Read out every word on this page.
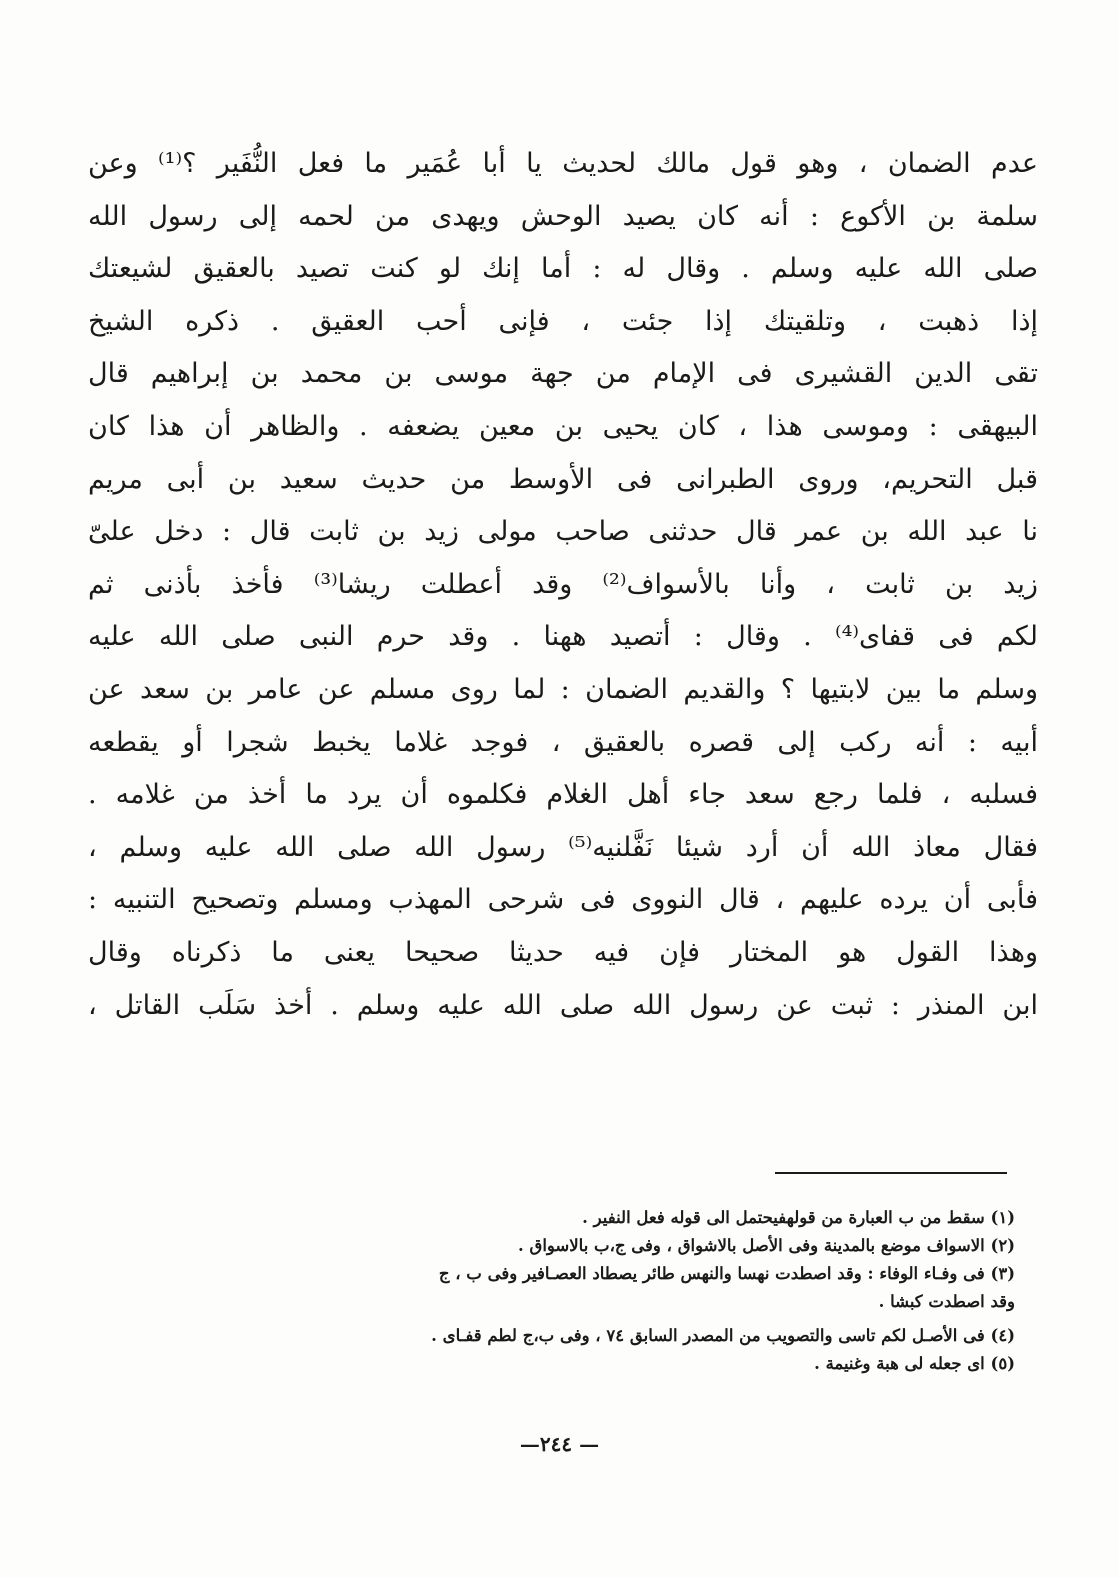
عدم الضمان ، وهو قول مالك لحديث يا أبا عُمَير ما فعل النُّفَير ؟⁽¹⁾ وعن
سلمة بن الأكوع : أنه كان يصيد الوحش ويهدى من لحمه إلى رسول الله
صلى الله عليه وسلم . وقال له : أما إنك لو كنت تصيد بالعقيق لشيعتك
إذا ذهبت ، وتلقيتك إذا جئت ، فإنى أحب العقيق . ذكره الشيخ
تقى الدين القشيرى فى الإمام من جهة موسى بن محمد بن إبراهيم قال
البيهقى : وموسى هذا ، كان يحيى بن معين يضعفه . والظاهر أن هذا كان
قبل التحريم، وروى الطبرانى فى الأوسط من حديث سعيد بن أبى مريم
نا عبد الله بن عمر قال حدثنى صاحب مولى زيد بن ثابت قال : دخل علىّ
زيد بن ثابت ، وأنا بالأسواف⁽²⁾ وقد أعطلت ريشا⁽³⁾ فأخذ بأذنى ثم
لكم فى قفاى⁽⁴⁾ . وقال : أتصيد ههنا . وقد حرم النبى صلى الله عليه
وسلم ما بين لابتيها ؟ والقديم الضمان : لما روى مسلم عن عامر بن سعد عن
أبيه : أنه ركب إلى قصره بالعقيق ، فوجد غلاما يخبط شجرا أو يقطعه
فسلبه ، فلما رجع سعد جاء أهل الغلام فكلموه أن يرد ما أخذ من غلامه .
فقال معاذ الله أن أرد شيئا نَفَّلنيه⁽⁵⁾ رسول الله صلى الله عليه وسلم ،
فأبى أن يرده عليهم ، قال النووى فى شرحى المهذب ومسلم وتصحيح التنبيه :
وهذا القول هو المختار فإن فيه حديثا صحيحا يعنى ما ذكرناه وقال
ابن المنذر : ثبت عن رسول الله صلى الله عليه وسلم . أخذ سَلَب القاتل ،
(١) سقط من ب العبارة من قولهفيحتمل الى قوله فعل النفير .
(٢) الاسواف موضع بالمدينة وفى الأصل بالاشواق ، وفى ج،ب بالاسواق .
(٣) فى وفـاء الوفاء : وقد اصطدت نهسا والنهس طائر يصطاد العصـافير وفى ب ، ج
وقد اصطدت كبشا .
(٤) فى الأصـل لكم تاسى والتصويب من المصدر السابق ٧٤ ، وفى ب،ج لطم قفـاى .
(٥) اى جعله لى هبة وغنيمة .
— ٢٤٤—
